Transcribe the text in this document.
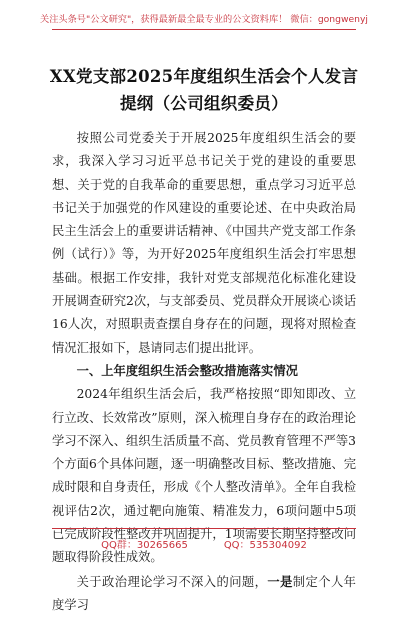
关注头条号"公文研究"，获得最新最全最专业的公文资料库！ 微信：gongwenyj
XX党支部2025年度组织生活会个人发言
提纲（公司组织委员）

按照公司党委关于开展2025年度组织生活会的要求，我深入学习习近平总书记关于党的建设的重要思想、关于党的自我革命的重要思想，重点学习习近平总书记关于加强党的作风建设的重要论述、在中央政治局民主生活会上的重要讲话精神、《中国共产党支部工作条例（试行）》等，为开好2025年度组织生活会打牢思想基础。根据工作安排，我针对党支部规范化标准化建设开展调查研究2次，与支部委员、党员群众开展谈心谈话16人次，对照职责查摆自身存在的问题，现将对照检查情况汇报如下，恳请同志们提出批评。

一、上年度组织生活会整改措施落实情况

2024年组织生活会后，我严格按照“即知即改、立行立改、长效常改”原则，深入梳理自身存在的政治理论学习不深入、组织生活质量不高、党员教育管理不严等3个方面6个具体问题，逐一明确整改目标、整改措施、完成时限和自身责任，形成《个人整改清单》。全年自我检视评估2次，通过靶向施策、精准发力，6项问题中5项已完成阶段性整改并巩固提升，1项需要长期坚持整改问题取得阶段性成效。

关于政治理论学习不深入的问题，一是制定个人年度学习

QQ群：30265665	QQ：535304092
